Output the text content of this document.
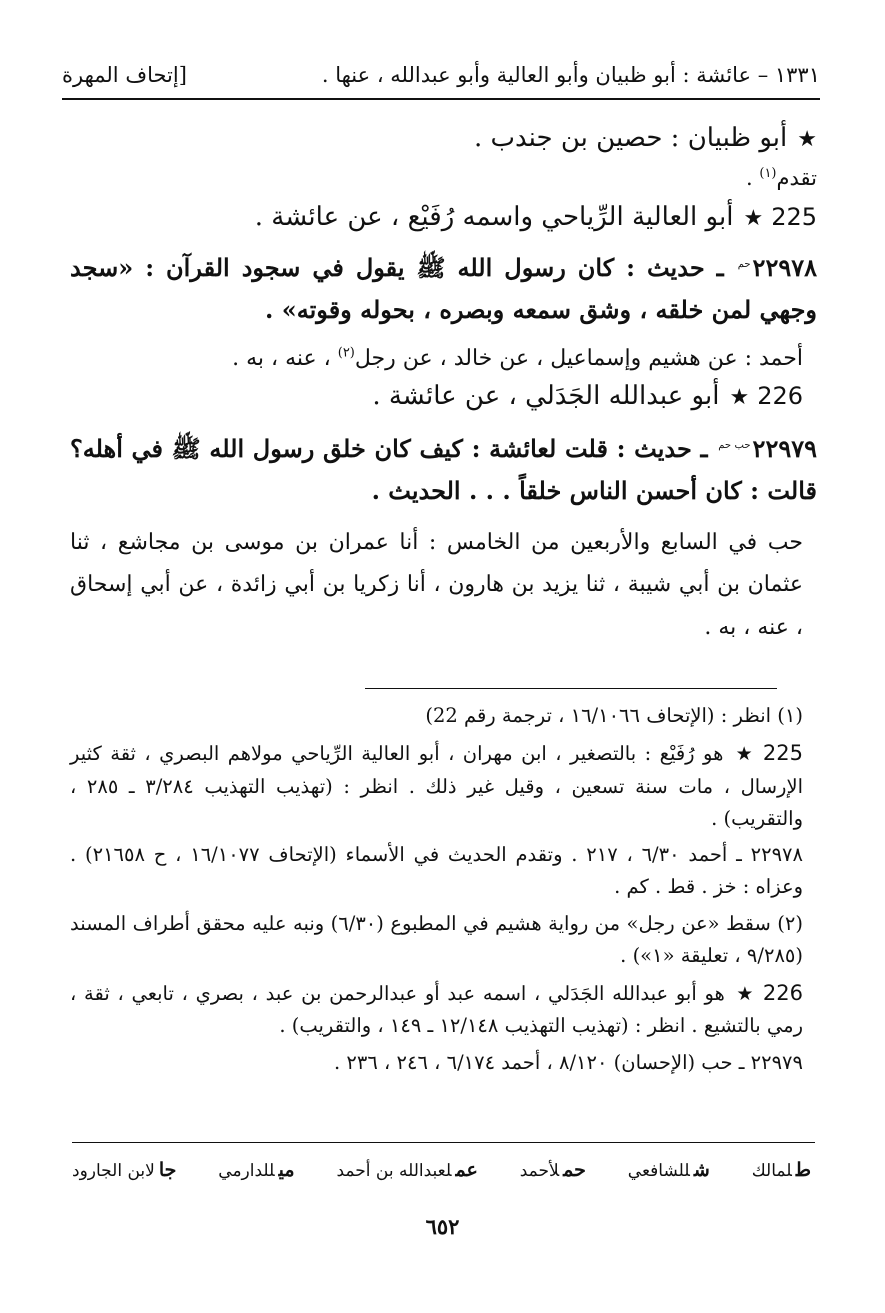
١٣٣١ – عائشة : أبو ظبيان وأبو العالية وأبو عبدالله ، عنها .
[إتحاف المهرة

★أبو ظبيان : حصين بن جندب .

تقدم$^{(١)}$ .

225★أبو العالية الرِّياحي واسمه رُفَيْع ، عن عائشة .

$٢٢٩٧٨^{حم}$ ـ حديث : كان رسول الله ﷺ يقول في سجود القرآن : «سجد وجهي لمن خلقه ، وشق سمعه وبصره ، بحوله وقوته» .

أحمد : عن هشيم وإسماعيل ، عن خالد ، عن رجل$^{(٢)}$ ، عنه ، به .

226★أبو عبدالله الجَدَلي ، عن عائشة .

$٢٢٩٧٩^{حب حم}$ ـ حديث : قلت لعائشة : كيف كان خلق رسول الله ﷺ في أهله؟ قالت : كان أحسن الناس خلقاً . . . الحديث .

حب في السابع والأربعين من الخامس : أنا عمران بن موسى بن مجاشع ، ثنا عثمان بن أبي شيبة ، ثنا يزيد بن هارون ، أنا زكريا بن أبي زائدة ، عن أبي إسحاق ، عنه ، به .

(١) انظر : (الإتحاف ١٦/١٠٦٦ ، ترجمة رقم 22)

225★هو رُفَيْع : بالتصغير ، ابن مهران ، أبو العالية الرِّياحي مولاهم البصري ، ثقة كثير الإرسال ، مات سنة تسعين ، وقيل غير ذلك . انظر : (تهذيب التهذيب ٣/٢٨٤ ـ ٢٨٥ ، والتقريب) .

٢٢٩٧٨ ـ أحمد ٦/٣٠ ، ٢١٧ . وتقدم الحديث في الأسماء (الإتحاف ١٦/١٠٧٧ ، ح ٢١٦٥٨) . وعزاه : خز . قط . كم .

(٢) سقط «عن رجل» من رواية هشيم في المطبوع (٦/٣٠) ونبه عليه محقق أطراف المسند (٩/٢٨٥ ، تعليقة «١») .

226★هو أبو عبدالله الجَدَلي ، اسمه عبد أو عبدالرحمن بن عبد ، بصري ، تابعي ، ثقة ، رمي بالتشيع . انظر : (تهذيب التهذيب ١٢/١٤٨ ـ ١٤٩ ، والتقريب) .

٢٢٩٧٩ ـ حب (الإحسان) ٨/١٢٠ ، أحمد ٦/١٧٤ ، ٢٤٦ ، ٢٣٦ .

طلمالك
شللشافعي
حملأحمد
عملعبدالله بن أحمد
ميللدارمي
جالابن الجارود
٦٥٢
